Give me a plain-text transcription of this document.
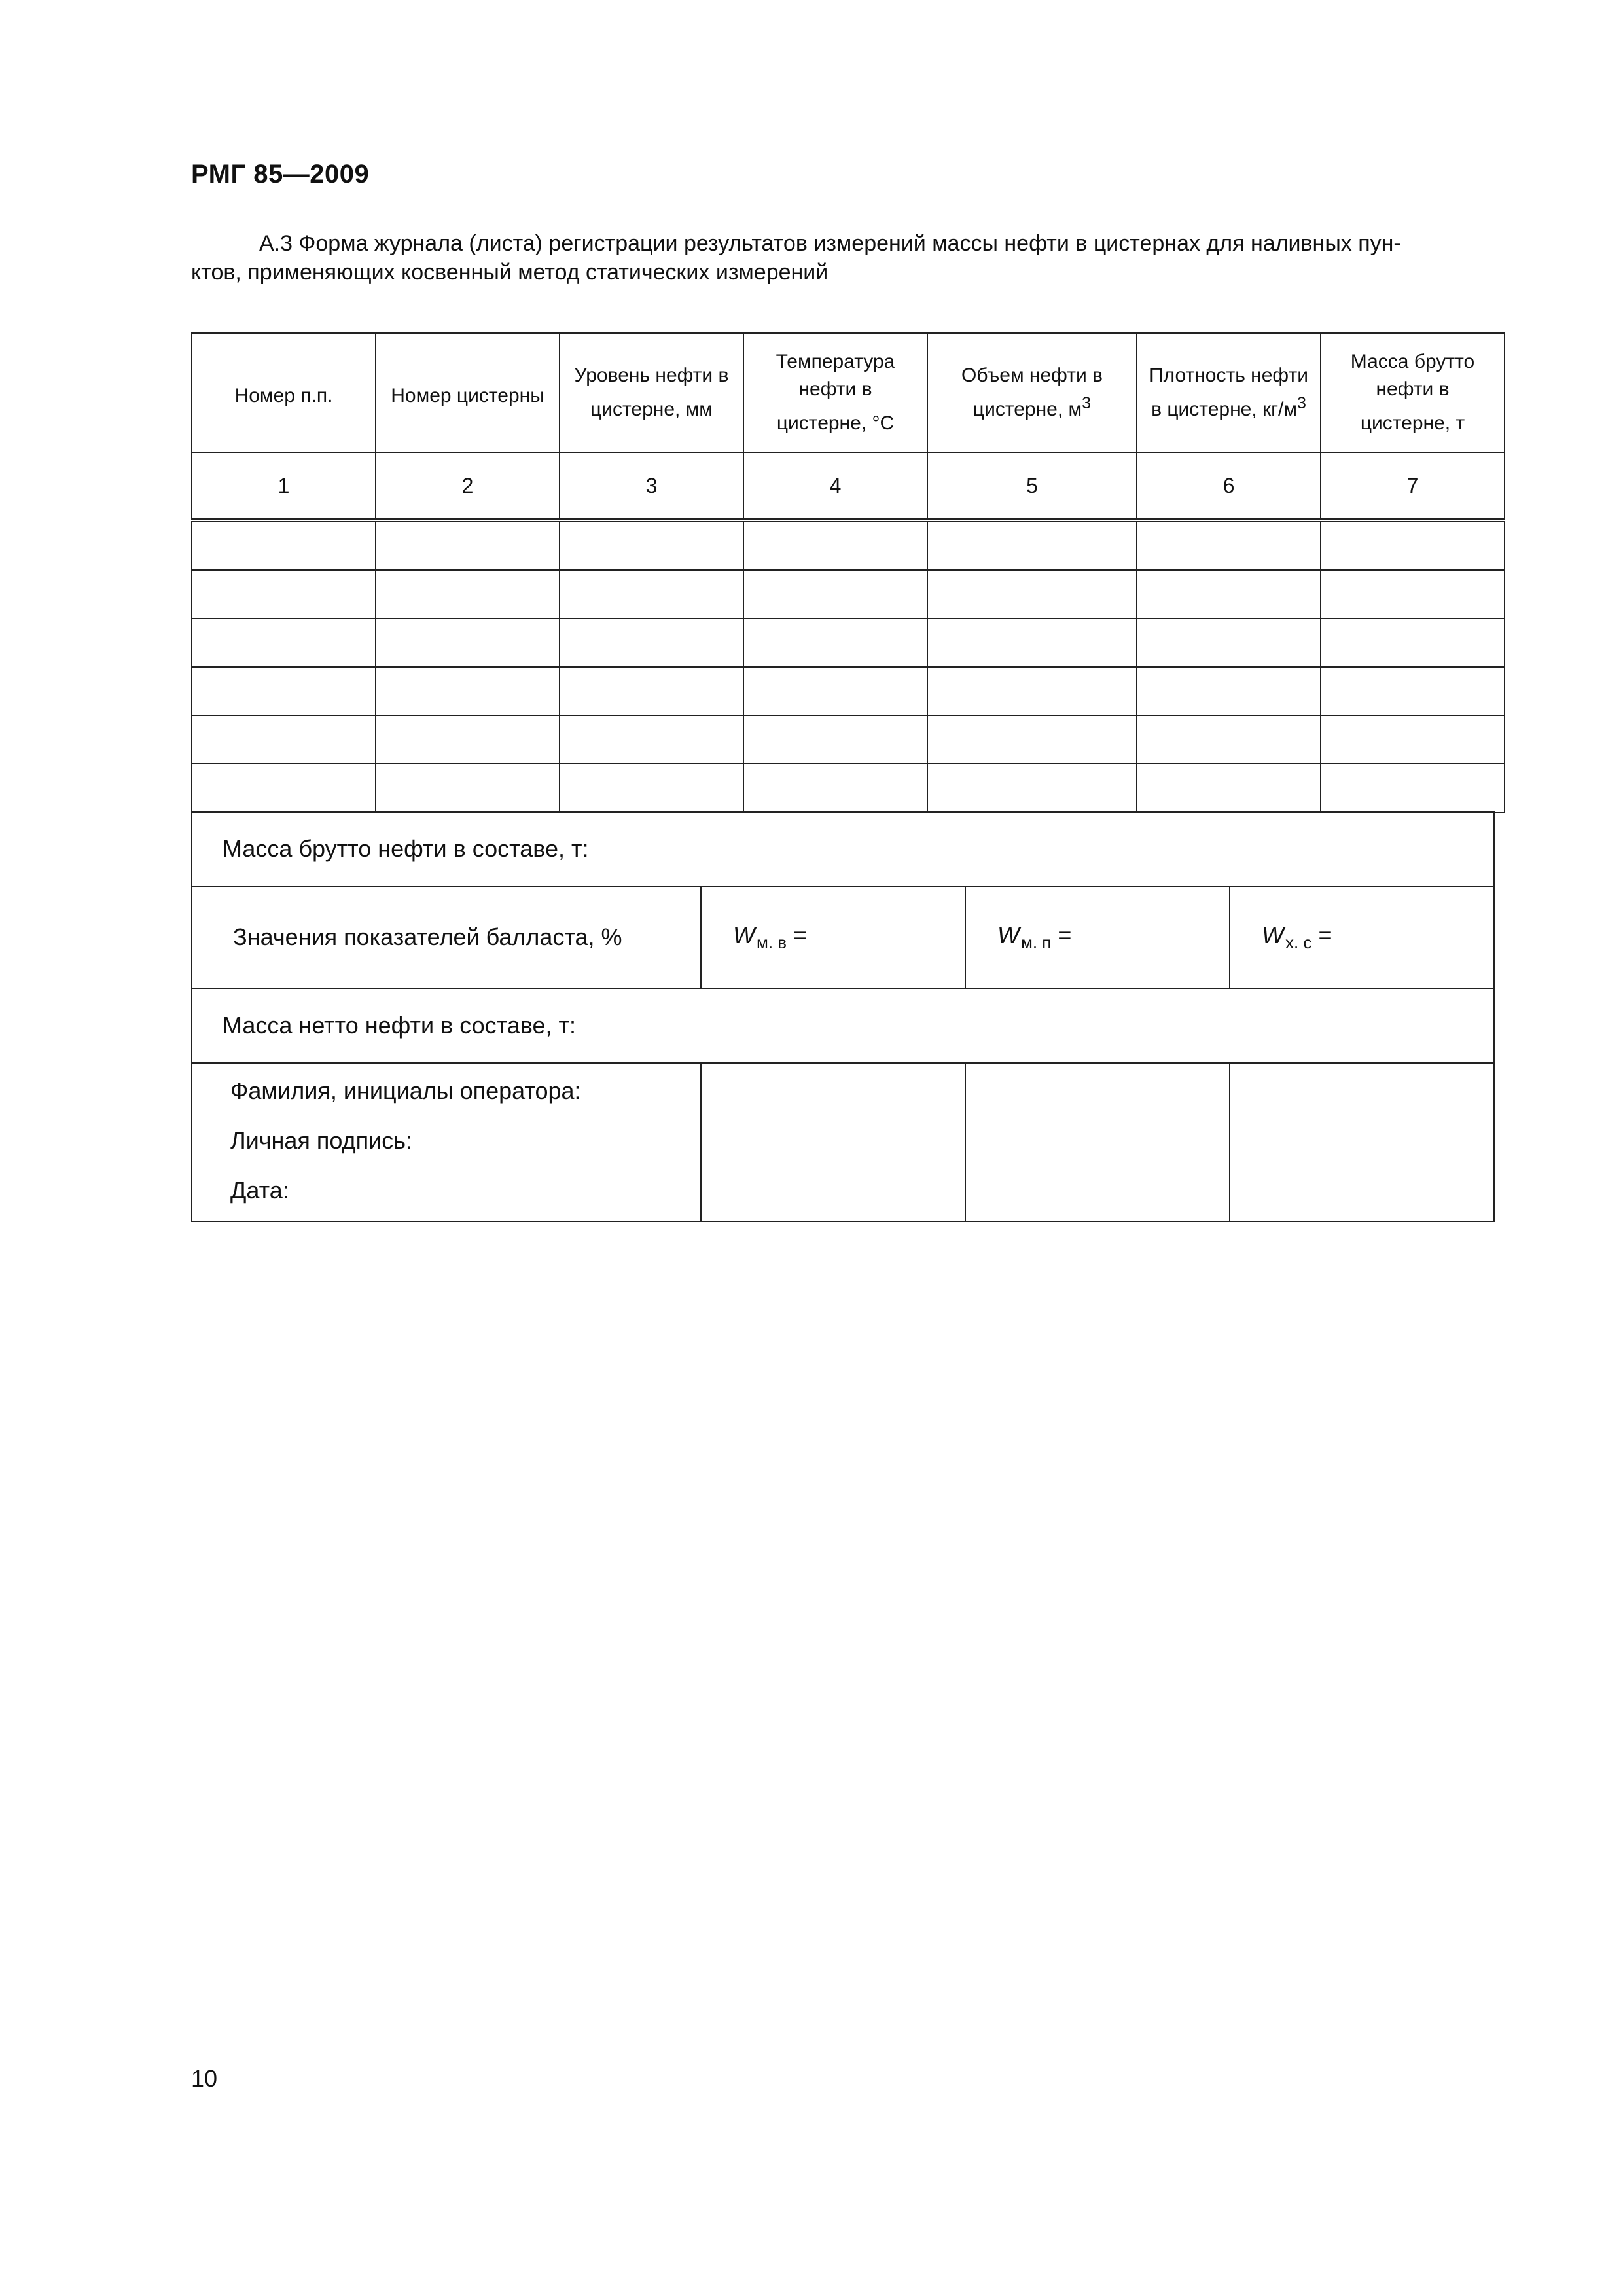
РМГ 85—2009
А.3 Форма журнала (листа) регистрации результатов измерений массы нефти в цистернах для наливных пун-
ктов, применяющих косвенный метод статических измерений
Номер п.п.	Номер цистерны	Уровень нефти в цистерне, мм	Температура нефти в цистерне, °С	Объем нефти в цистерне, $м^3$	Плотность нефти в цистерне, $кг/м^3$	Масса брутто нефти в цистерне, т
1	2	3	4	5	6	7

Масса брутто нефти в составе, т:			
Значения показателей балласта, %	$W_{м. в}$ =	$W_{м. п}$ =	$W_{х. с}$ =
Масса нетто нефти в составе, т:			

Фамилия, инициалы оператора:
Личная подпись:
Дата:			

10
